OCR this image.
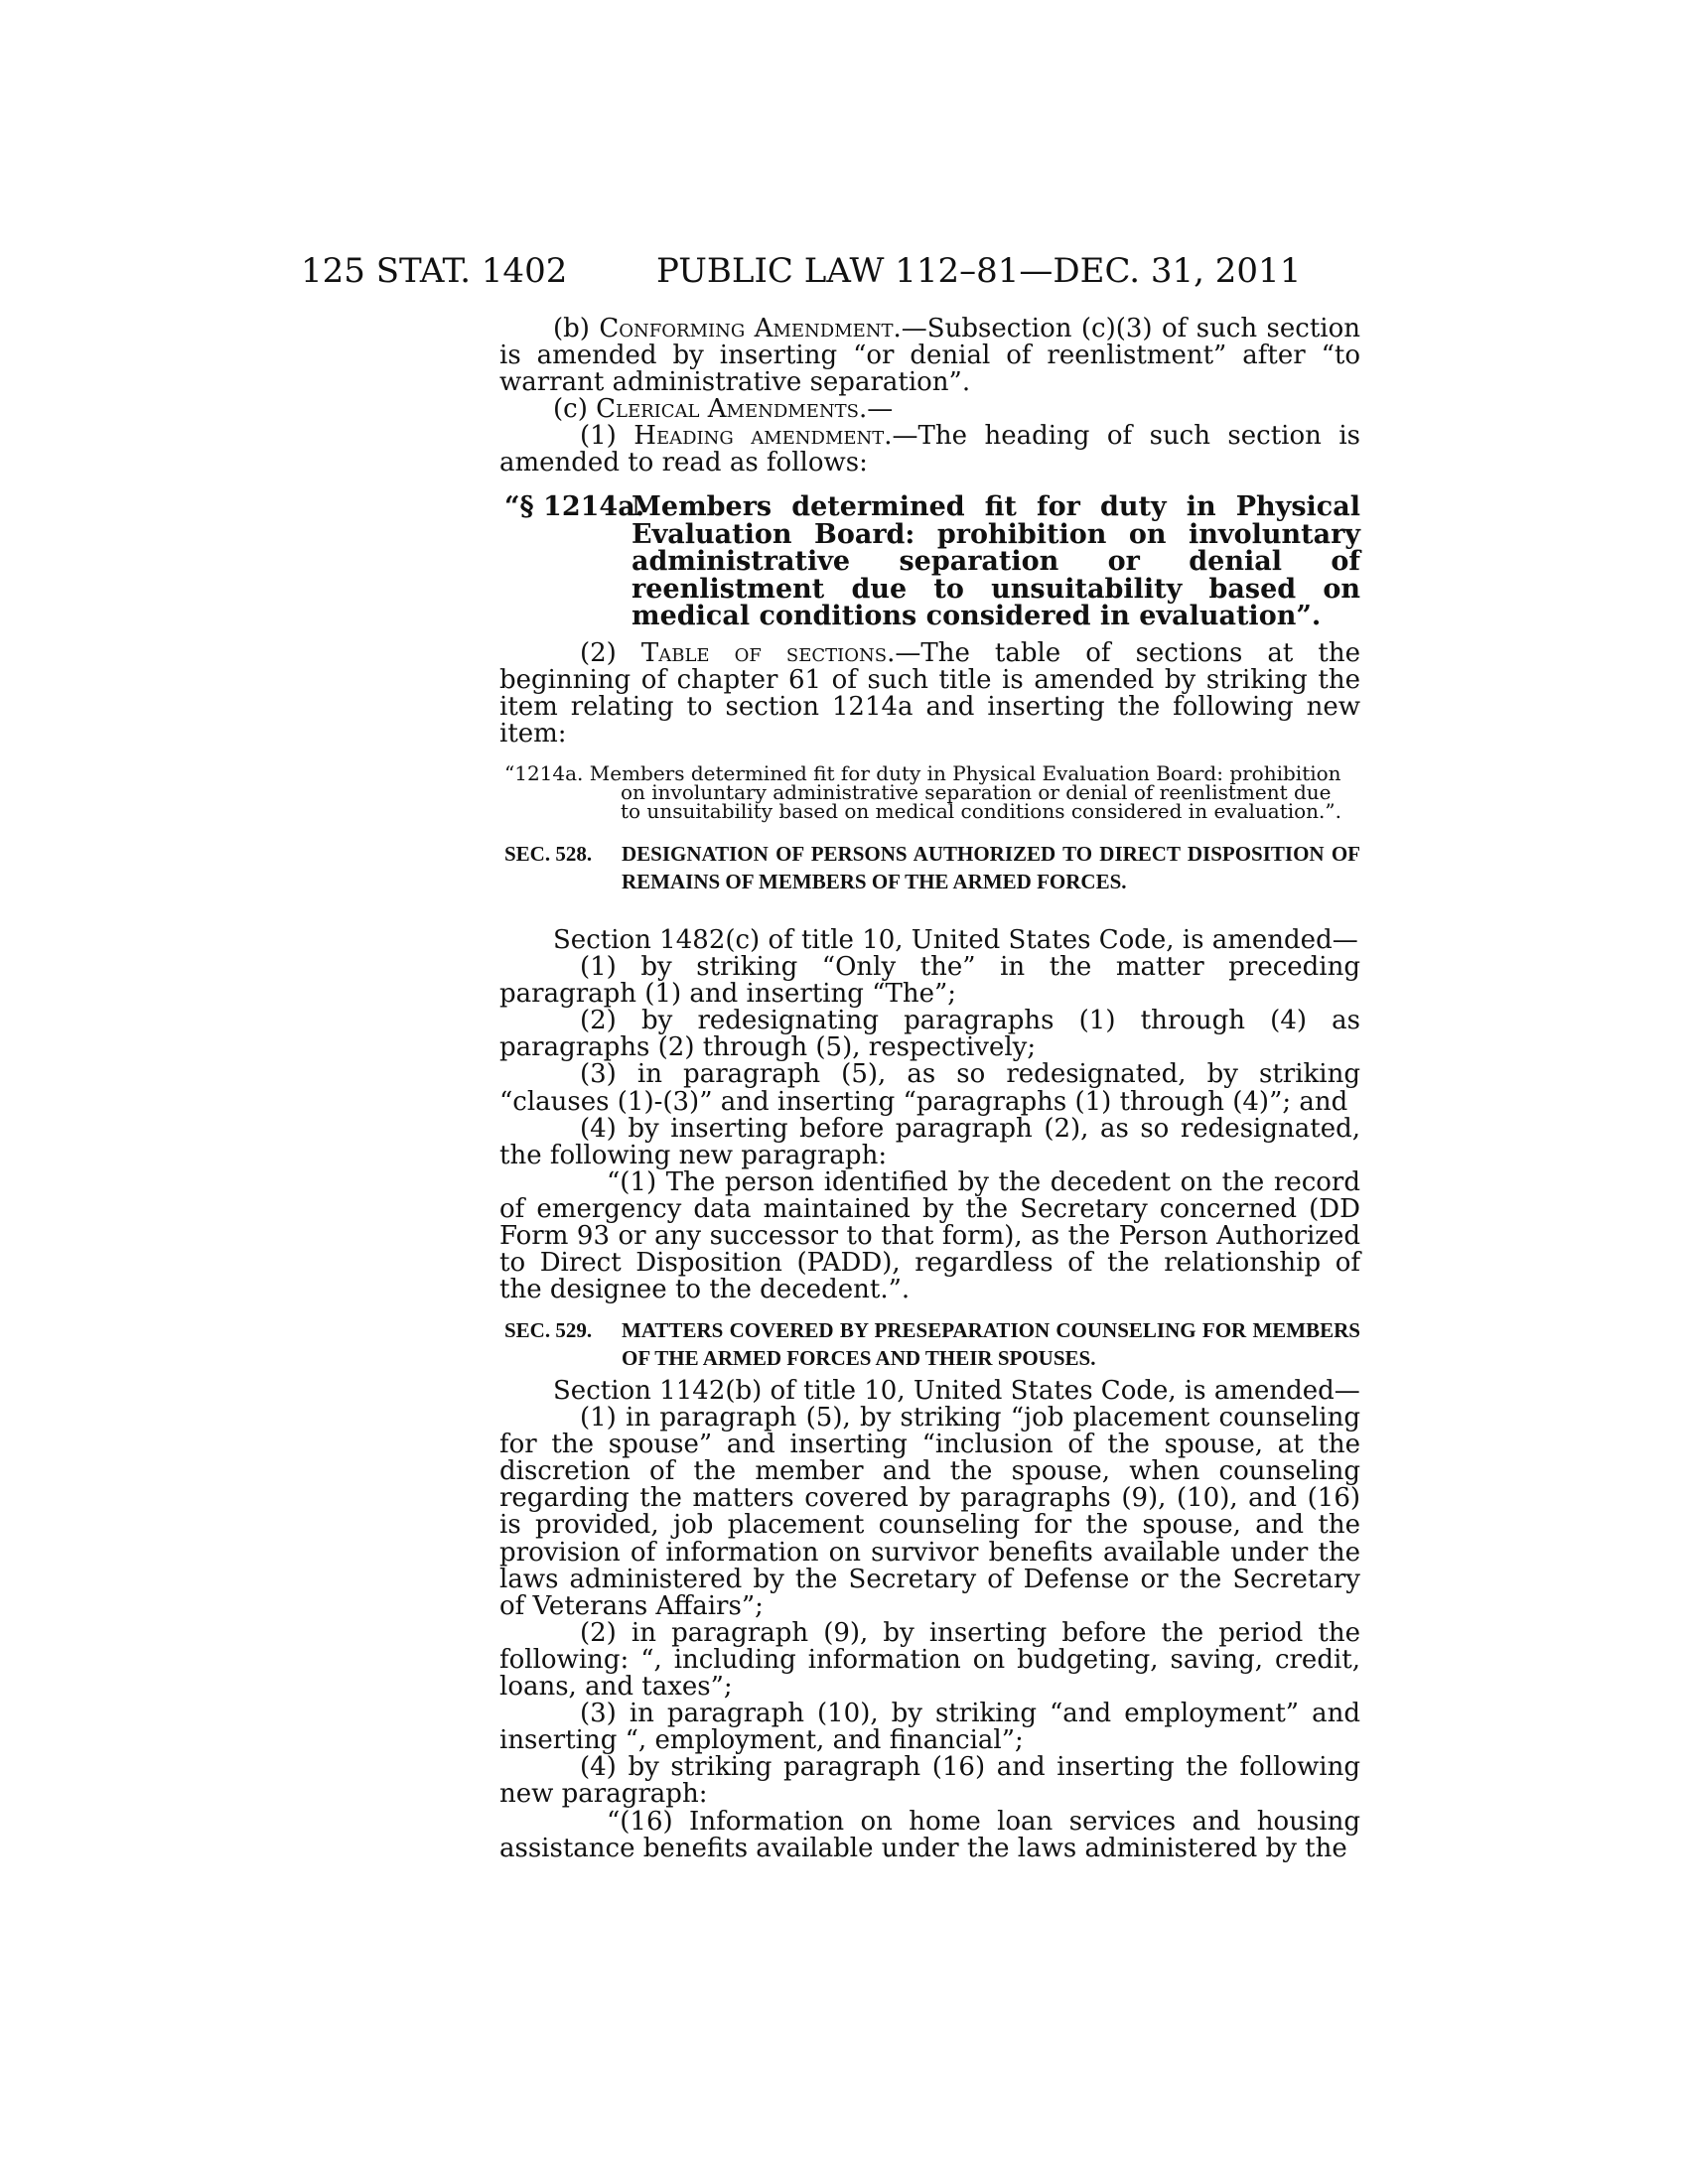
125 STAT. 1402	PUBLIC LAW 112–81—DEC. 31, 2011

(b) Conforming Amendment.—Subsection (c)(3) of such section is amended by inserting “or denial of reenlistment” after “to warrant administrative separation”.

(c) Clerical Amendments.—

(1) Heading amendment.—The heading of such section is amended to read as follows:

“§ 1214a.
Members determined fit for duty in Physical Evaluation Board: prohibition on involuntary administrative separation or denial of reenlistment due to unsuitability based on medical conditions considered in evaluation”.

(2) Table of sections.—The table of sections at the beginning of chapter 61 of such title is amended by striking the item relating to section 1214a and inserting the following new item:

“1214a. Members determined fit for duty in Physical Evaluation Board: prohibition

on involuntary administrative separation or denial of reenlistment due

to unsuitability based on medical conditions considered in evaluation.”.

SEC. 528. DESIGNATION OF PERSONS AUTHORIZED TO DIRECT DISPOSITION OF REMAINS OF MEMBERS OF THE ARMED FORCES.

Section 1482(c) of title 10, United States Code, is amended—

(1) by striking “Only the” in the matter preceding paragraph (1) and inserting “The”;

(2) by redesignating paragraphs (1) through (4) as paragraphs (2) through (5), respectively;

(3) in paragraph (5), as so redesignated, by striking “clauses (1)-(3)” and inserting “paragraphs (1) through (4)”; and

(4) by inserting before paragraph (2), as so redesignated, the following new paragraph:

“(1) The person identified by the decedent on the record of emergency data maintained by the Secretary concerned (DD Form 93 or any successor to that form), as the Person Authorized to Direct Disposition (PADD), regardless of the relationship of the designee to the decedent.”.

SEC. 529. MATTERS COVERED BY PRESEPARATION COUNSELING FOR MEMBERS OF THE ARMED FORCES AND THEIR SPOUSES.

Section 1142(b) of title 10, United States Code, is amended—

(1) in paragraph (5), by striking “job placement counseling for the spouse” and inserting “inclusion of the spouse, at the discretion of the member and the spouse, when counseling regarding the matters covered by paragraphs (9), (10), and (16) is provided, job placement counseling for the spouse, and the provision of information on survivor benefits available under the laws administered by the Secretary of Defense or the Secretary of Veterans Affairs”;

(2) in paragraph (9), by inserting before the period the following: “, including information on budgeting, saving, credit, loans, and taxes”;

(3) in paragraph (10), by striking “and employment” and inserting “, employment, and financial”;

(4) by striking paragraph (16) and inserting the following new paragraph:

“(16) Information on home loan services and housing assistance benefits available under the laws administered by the
